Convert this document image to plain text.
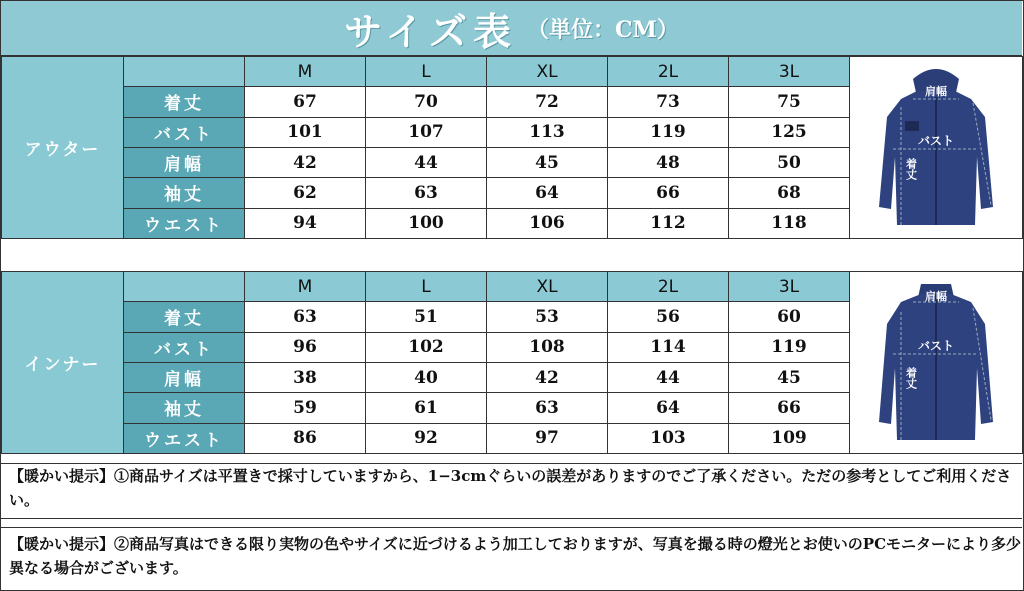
サイズ表 （単位：CM）
アウター		M	L	XL	2L	3L	肩幅
バスト
袖丈
着丈

	着丈	67	70	72	73	75	
	バスト	101	107	113	119	125	
	肩幅	42	44	45	48	50	
	袖丈	62	63	64	66	68	
	ウエスト	94	100	106	112	118	
インナー		M	L	XL	2L	3L	肩幅
バスト 袖丈
着丈

	着丈	63	51	53	56	60	
	バスト	96	102	108	114	119	
	肩幅	38	40	42	44	45	
	袖丈	59	61	63	64	66	
	ウエスト	86	92	97	103	109	
【暖かい提示】①商品サイズは平置きで採寸していますから、1−3cmぐらいの誤差がありますのでご了承ください。ただの参考としてご利用ください。
【暖かい提示】②商品写真はできる限り実物の色やサイズに近づけるよう加工しておりますが、写真を撮る時の燈光とお使いのPCモニターにより多少異なる場合がございます。
